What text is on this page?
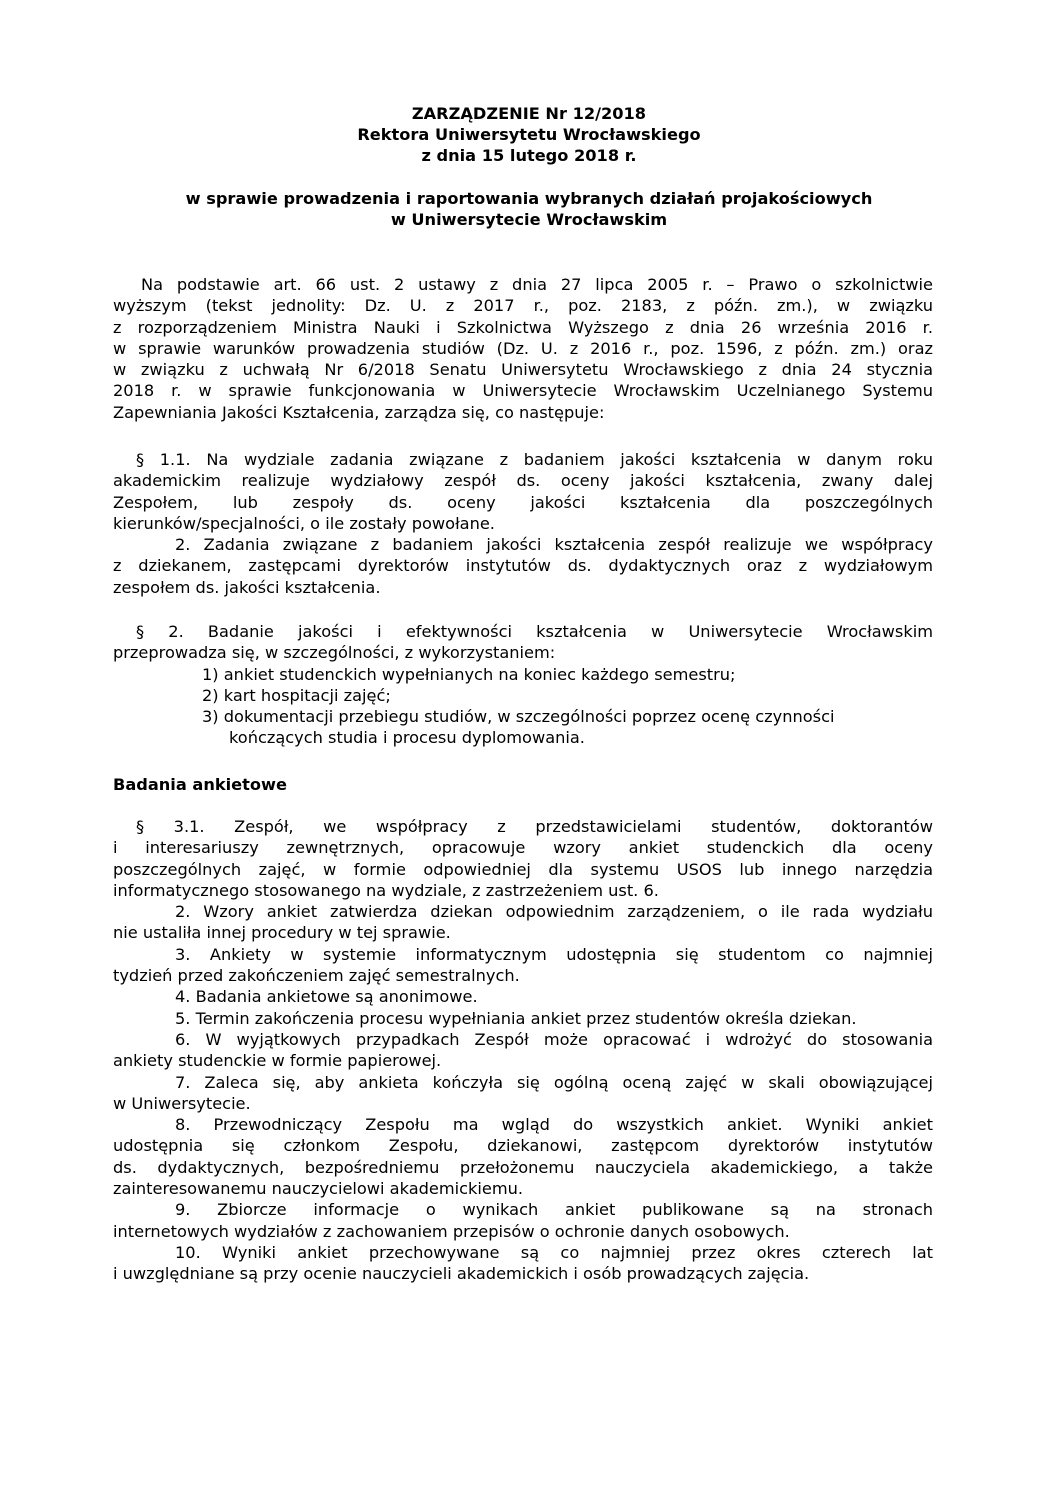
ZARZĄDZENIE Nr 12/2018
Rektora Uniwersytetu Wrocławskiego
z dnia 15 lutego 2018 r.
w sprawie prowadzenia i raportowania wybranych działań projakościowych
w Uniwersytecie Wrocławskim
Na podstawie art. 66 ust. 2 ustawy z dnia 27 lipca 2005 r. – Prawo o szkolnictwie
wyższym (tekst jednolity: Dz. U. z 2017 r., poz. 2183, z późn. zm.), w związku
z rozporządzeniem Ministra Nauki i Szkolnictwa Wyższego z dnia 26 września 2016 r.
w sprawie warunków prowadzenia studiów (Dz. U. z 2016 r., poz. 1596, z późn. zm.) oraz
w związku z uchwałą Nr 6/2018 Senatu Uniwersytetu Wrocławskiego z dnia 24 stycznia
2018 r. w sprawie funkcjonowania w Uniwersytecie Wrocławskim Uczelnianego Systemu
Zapewniania Jakości Kształcenia, zarządza się, co następuje:
§ 1.1. Na wydziale zadania związane z badaniem jakości kształcenia w danym roku
akademickim realizuje wydziałowy zespół ds. oceny jakości kształcenia, zwany dalej
Zespołem, lub zespoły ds. oceny jakości kształcenia dla poszczególnych
kierunków/specjalności, o ile zostały powołane.
2. Zadania związane z badaniem jakości kształcenia zespół realizuje we współpracy
z dziekanem, zastępcami dyrektorów instytutów ds. dydaktycznych oraz z wydziałowym
zespołem ds. jakości kształcenia.
§ 2. Badanie jakości i efektywności kształcenia w Uniwersytecie Wrocławskim
przeprowadza się, w szczególności, z wykorzystaniem:
1) ankiet studenckich wypełnianych na koniec każdego semestru;
2) kart hospitacji zajęć;
3) dokumentacji przebiegu studiów, w szczególności poprzez ocenę czynności
kończących studia i procesu dyplomowania.
Badania ankietowe
§ 3.1. Zespół, we współpracy z przedstawicielami studentów, doktorantów
i interesariuszy zewnętrznych, opracowuje wzory ankiet studenckich dla oceny
poszczególnych zajęć, w formie odpowiedniej dla systemu USOS lub innego narzędzia
informatycznego stosowanego na wydziale, z zastrzeżeniem ust. 6.
2. Wzory ankiet zatwierdza dziekan odpowiednim zarządzeniem, o ile rada wydziału
nie ustaliła innej procedury w tej sprawie.
3. Ankiety w systemie informatycznym udostępnia się studentom co najmniej
tydzień przed zakończeniem zajęć semestralnych.
4. Badania ankietowe są anonimowe.
5. Termin zakończenia procesu wypełniania ankiet przez studentów określa dziekan.
6. W wyjątkowych przypadkach Zespół może opracować i wdrożyć do stosowania
ankiety studenckie w formie papierowej.
7. Zaleca się, aby ankieta kończyła się ogólną oceną zajęć w skali obowiązującej
w Uniwersytecie.
8. Przewodniczący Zespołu ma wgląd do wszystkich ankiet. Wyniki ankiet
udostępnia się członkom Zespołu, dziekanowi, zastępcom dyrektorów instytutów
ds. dydaktycznych, bezpośredniemu przełożonemu nauczyciela akademickiego, a także
zainteresowanemu nauczycielowi akademickiemu.
9. Zbiorcze informacje o wynikach ankiet publikowane są na stronach
internetowych wydziałów z zachowaniem przepisów o ochronie danych osobowych.
10. Wyniki ankiet przechowywane są co najmniej przez okres czterech lat
i uwzględniane są przy ocenie nauczycieli akademickich i osób prowadzących zajęcia.
